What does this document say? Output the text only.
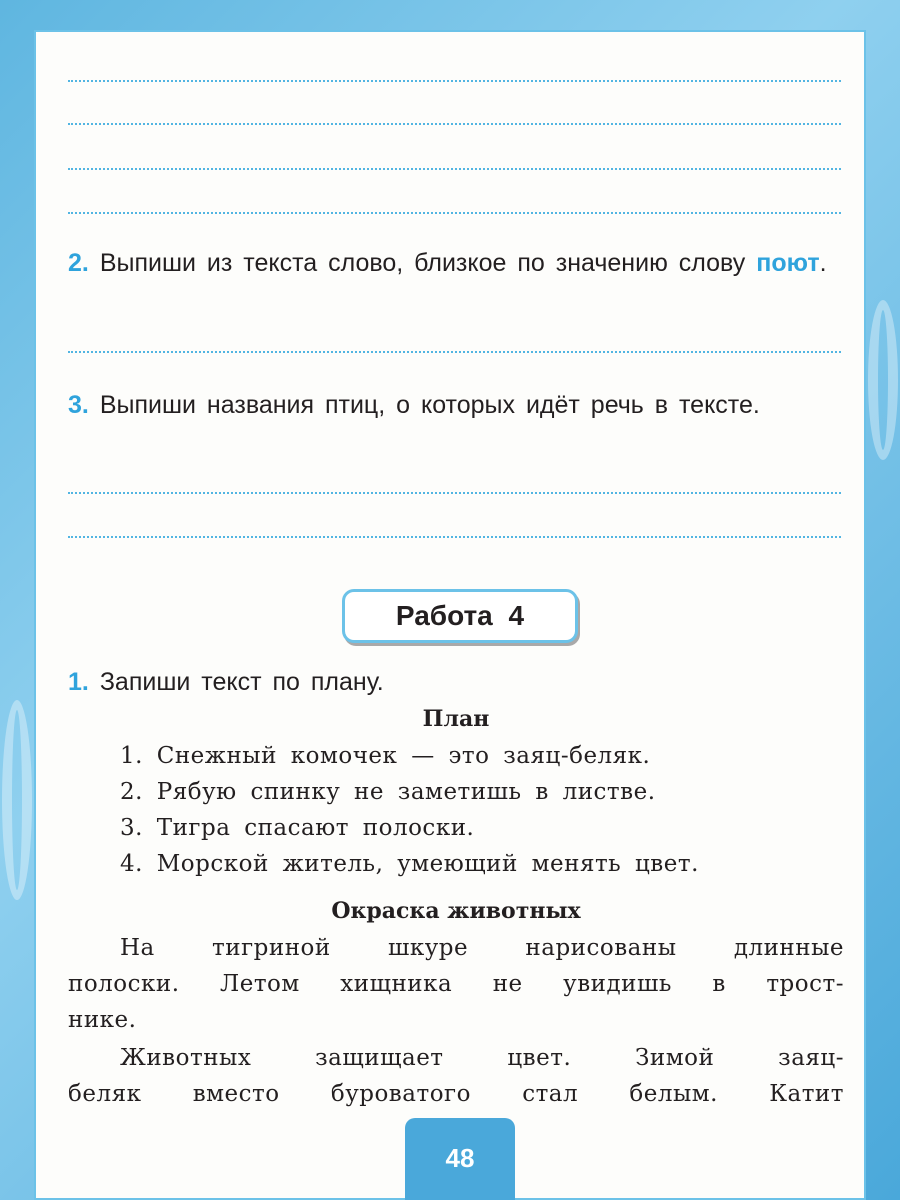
2. Выпиши из текста слово, близкое по значению слову поют.
3. Выпиши названия птиц, о которых идёт речь в тексте.
Работа 4
1. Запиши текст по плану.
План
1. Снежный комочек — это заяц-беляк.
2. Рябую спинку не заметишь в листве.
3. Тигра спасают полоски.
4. Морской житель, умеющий менять цвет.
Окраска животных
На тигриной шкуре нарисованы длинные
полоски. Летом хищника не увидишь в трост-
нике.
Животных защищает цвет. Зимой заяц-
беляк вместо буроватого стал белым. Катит
48
